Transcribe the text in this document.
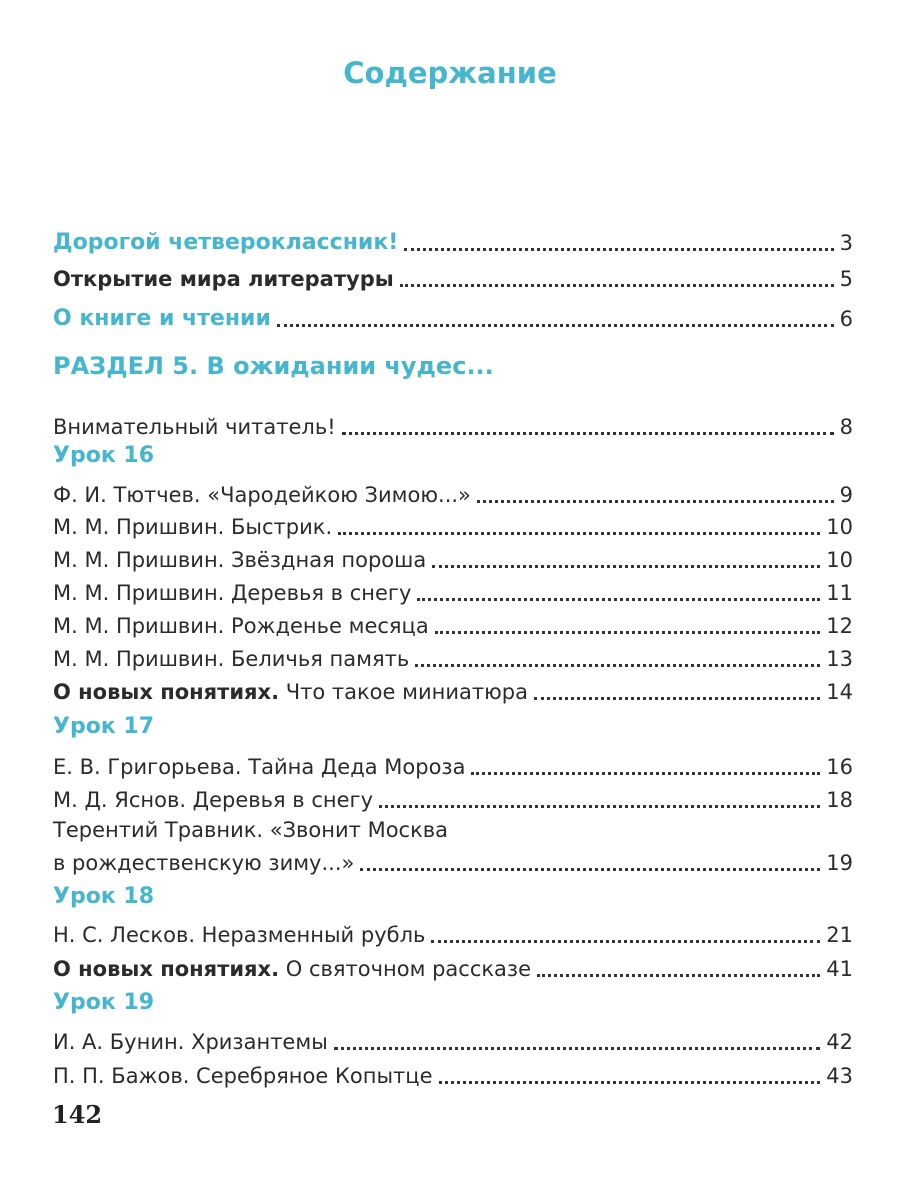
Содержание
Дорогой четвероклассник!	3
Открытие мира литературы	5
О книге и чтении	6
РАЗДЕЛ 5. В ожидании чудес...
Внимательный читатель!	8
Урок 16
Ф. И. Тютчев. «Чародейкою Зимою...»	9
М. М. Пришвин. Быстрик.	10
М. М. Пришвин. Звёздная пороша	10
М. М. Пришвин. Деревья в снегу	11
М. М. Пришвин. Рожденье месяца	12
М. М. Пришвин. Беличья память	13
О новых понятиях. Что такое миниатюра	14
Урок 17
Е. В. Григорьева. Тайна Деда Мороза	16
М. Д. Яснов. Деревья в снегу	18
Терентий Травник. «Звонит Москва
в рождественскую зиму...»	19
Урок 18
Н. С. Лесков. Неразменный рубль	21
О новых понятиях. О святочном рассказе	41
Урок 19
И. А. Бунин. Хризантемы	42
П. П. Бажов. Серебряное Копытце	43
142
